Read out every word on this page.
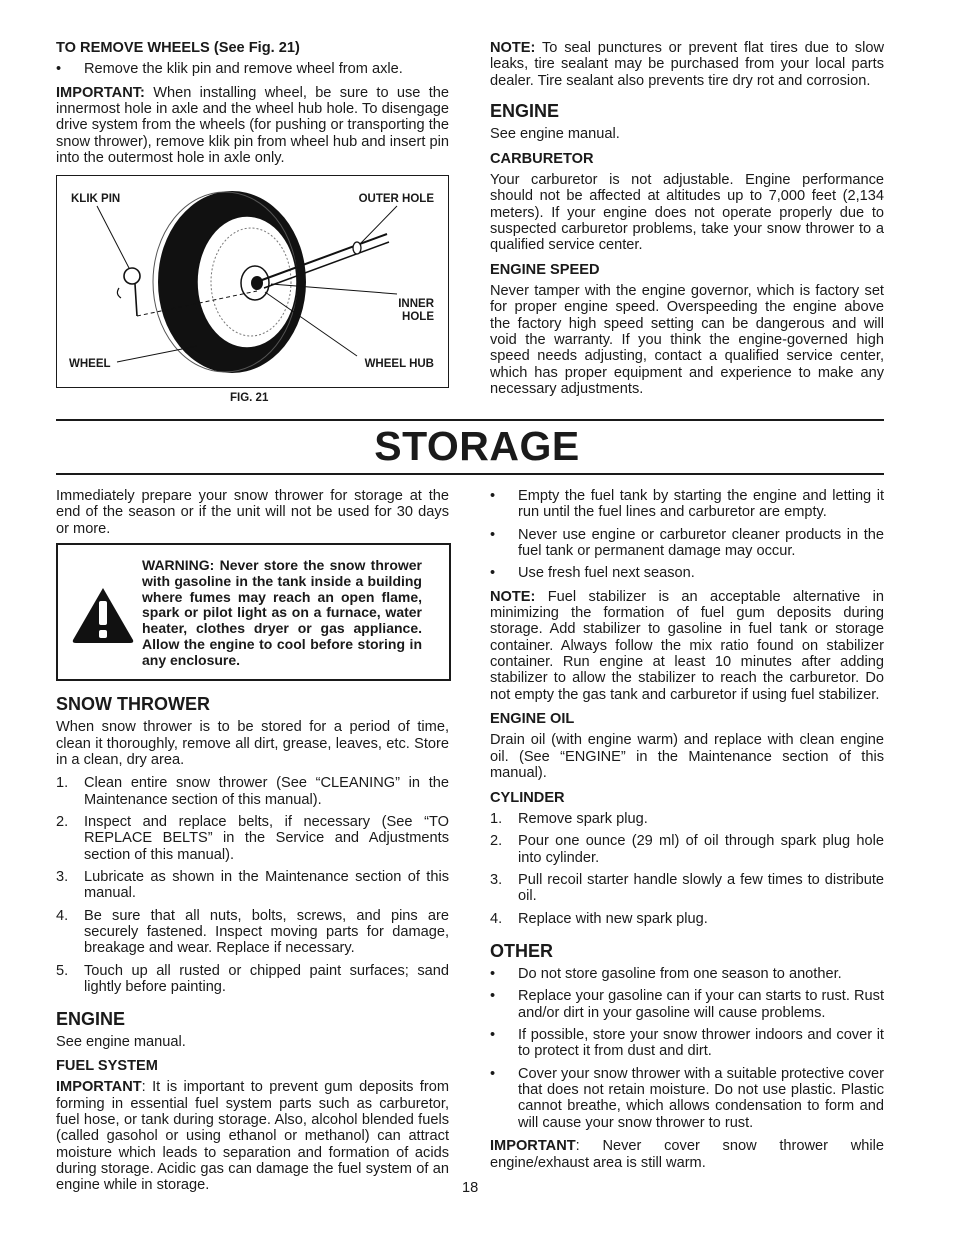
TO REMOVE WHEELS (See Fig. 21)
• Remove the klik pin and remove wheel from axle.

IMPORTANT: When installing wheel, be sure to use the innermost hole in axle and the wheel hub hole. To disengage drive system from the wheels (for pushing or transporting the snow thrower), remove klik pin from wheel hub and insert pin into the outermost hole in axle only.

KLIK PIN	OUTER HOLE
INNER
HOLE
WHEEL	WHEEL HUB
FIG. 21

NOTE: To seal punctures or prevent flat tires due to slow leaks, tire sealant may be purchased from your local parts dealer. Tire sealant also prevents tire dry rot and corrosion.

ENGINE

See engine manual.

CARBURETOR

Your carburetor is not adjustable. Engine performance should not be affected at altitudes up to 7,000 feet (2,134 meters). If your engine does not operate properly due to suspected carburetor problems, take your snow thrower to a qualified service center.

ENGINE SPEED

Never tamper with the engine governor, which is factory set for proper engine speed. Overspeeding the engine above the factory high speed setting can be dangerous and will void the warranty. If you think the engine-governed high speed needs adjusting, contact a qualified service center, which has proper equipment and experience to make any necessary adjustments.

STORAGE

Immediately prepare your snow thrower for storage at the end of the season or if the unit will not be used for 30 days or more.

WARNING: Never store the snow thrower with gasoline in the tank inside a building where fumes may reach an open flame, spark or pilot light as on a furnace, water heater, clothes dryer or gas appliance. Allow the engine to cool before storing in any enclosure.
SNOW THROWER

When snow thrower is to be stored for a period of time, clean it thoroughly, remove all dirt, grease, leaves, etc. Store in a clean, dry area.

1. Clean entire snow thrower (See “CLEANING” in the Maintenance section of this manual).
2. Inspect and replace belts, if necessary (See “TO REPLACE BELTS” in the Service and Adjustments section of this manual).
3. Lubricate as shown in the Maintenance section of this manual.
4. Be sure that all nuts, bolts, screws, and pins are securely fastened. Inspect moving parts for damage, breakage and wear. Replace if necessary.
5. Touch up all rusted or chipped paint surfaces; sand lightly before painting.
ENGINE

See engine manual.

FUEL SYSTEM

IMPORTANT: It is important to prevent gum deposits from forming in essential fuel system parts such as carburetor, fuel hose, or tank during storage. Also, alcohol blended fuels (called gasohol or using ethanol or methanol) can attract moisture which leads to separation and formation of acids during storage. Acidic gas can damage the fuel system of an engine while in storage.

• Empty the fuel tank by starting the engine and letting it run until the fuel lines and carburetor are empty.
• Never use engine or carburetor cleaner products in the fuel tank or permanent damage may occur.
• Use fresh fuel next season.

NOTE: Fuel stabilizer is an acceptable alternative in minimizing the formation of fuel gum deposits during storage. Add stabilizer to gasoline in fuel tank or storage container. Always follow the mix ratio found on stabilizer container. Run engine at least 10 minutes after adding stabilizer to allow the stabilizer to reach the carburetor. Do not empty the gas tank and carburetor if using fuel stabilizer.

ENGINE OIL

Drain oil (with engine warm) and replace with clean engine oil. (See “ENGINE” in the Maintenance section of this manual).

CYLINDER
1. Remove spark plug.
2. Pour one ounce (29 ml) of oil through spark plug hole into cylinder.
3. Pull recoil starter handle slowly a few times to distribute oil.
4. Replace with new spark plug.
OTHER
• Do not store gasoline from one season to another.
• Replace your gasoline can if your can starts to rust. Rust and/or dirt in your gasoline will cause problems.
• If possible, store your snow thrower indoors and cover it to protect it from dust and dirt.
• Cover your snow thrower with a suitable protective cover that does not retain moisture. Do not use plastic. Plastic cannot breathe, which allows condensation to form and will cause your snow thrower to rust.

IMPORTANT: Never cover snow thrower while engine/exhaust area is still warm.

18
